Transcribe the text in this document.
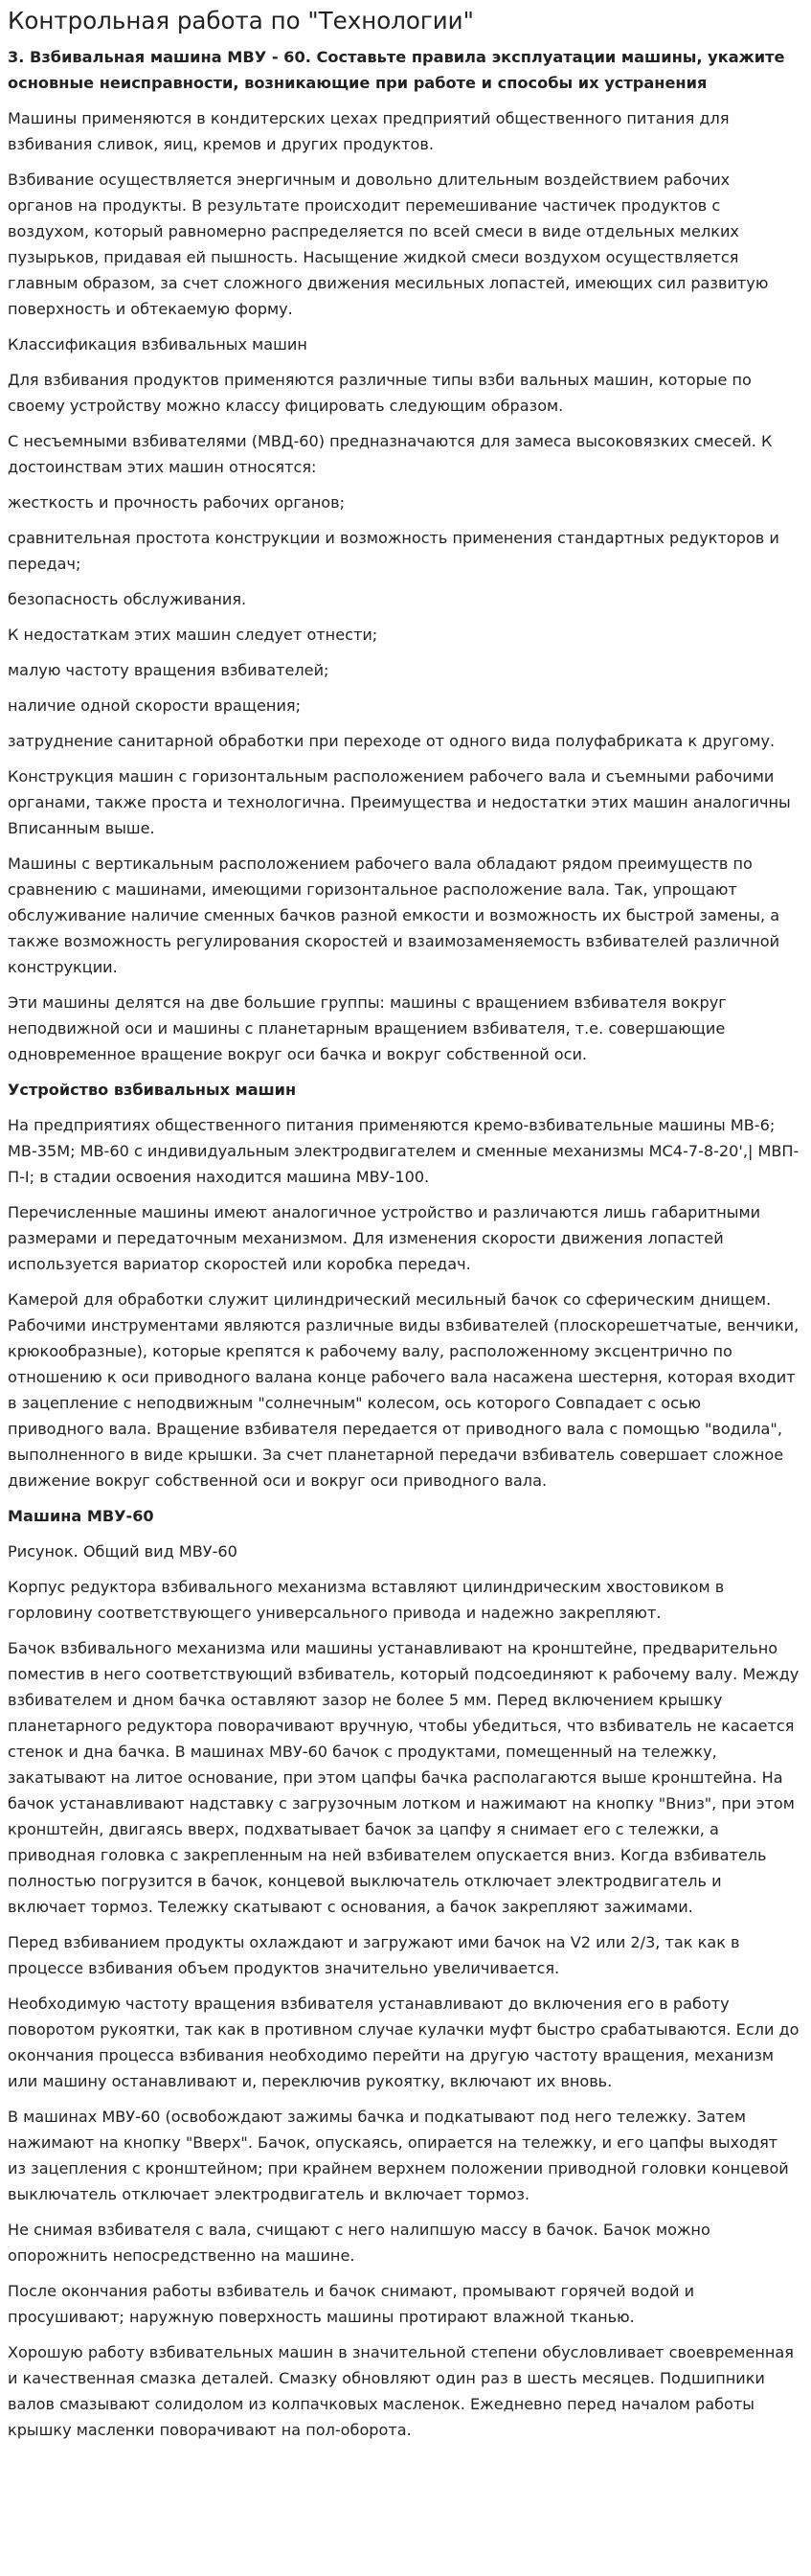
Контрольная работа по "Технологии"
3. Взбивальная машина МВУ - 60. Составьте правила эксплуатации машины, укажите основные неисправности, возникающие при работе и способы их устранения

Машины применяются в кондитерских цехах предприятий общественного питания для взбивания сливок, яиц, кремов и других продуктов.

Взбивание осуществляется энергичным и довольно длительным воздействием рабочих органов на продукты. В результате происходит перемешивание частичек продуктов с воздухом, который равномерно распределяется по всей смеси в виде отдельных мелких пузырьков, придавая ей пышность. Насыщение жидкой смеси воздухом осуществляется главным образом, за счет сложного движения месильных лопастей, имеющих сил развитую поверхность и обтекаемую форму.

Классификация взбивальных машин

Для взбивания продуктов применяются различные типы взби вальных машин, которые по своему устройству можно классу фицировать следующим образом.

С несъемными взбивателями (МВД-60) предназначаются для замеса высоковязких смесей. К достоинствам этих машин относятся:

жесткость и прочность рабочих органов;

сравнительная простота конструкции и возможность применения стандартных редукторов и передач;

безопасность обслуживания.

К недостаткам этих машин следует отнести;

малую частоту вращения взбивателей;

наличие одной скорости вращения;

затруднение санитарной обработки при переходе от одного вида полуфабриката к другому.

Конструкция машин с горизонтальным расположением рабочего вала и съемными рабочими органами, также проста и технологична. Преимущества и недостатки этих машин аналогичны Вписанным выше.

Машины с вертикальным расположением рабочего вала обладают рядом преимуществ по сравнению с машинами, имеющими горизонтальное расположение вала. Так, упрощают обслуживание наличие сменных бачков разной емкости и возможность их быстрой замены, а также возможность регулирования скоростей и взаимозаменяемость взбивателей различной конструкции.

Эти машины делятся на две большие группы: машины с вращением взбивателя вокруг неподвижной оси и машины с планетарным вращением взбивателя, т.е. совершающие одновременное вращение вокруг оси бачка и вокруг собственной оси.

Устройство взбивальных машин

На предприятиях общественного питания применяются кремо-взбивательные машины МВ-6; МВ-35М; МВ-60 с индивидуальным электродвигателем и сменные механизмы МС4-7-8-20',| МВП-П-І; в стадии освоения находится машина МВУ-100.

Перечисленные машины имеют аналогичное устройство и различаются лишь габаритными размерами и передаточным механизмом. Для изменения скорости движения лопастей используется вариатор скоростей или коробка передач.

Камерой для обработки служит цилиндрический месильный бачок со сферическим днищем. Рабочими инструментами являются различные виды взбивателей (плоскорешетчатые, венчики, крюкообразные), которые крепятся к рабочему валу, расположенному эксцентрично по отношению к оси приводного валана конце рабочего вала насажена шестерня, которая входит в зацепление с неподвижным "солнечным" колесом, ось которого Совпадает с осью приводного вала. Вращение взбивателя передается от приводного вала с помощью "водила", выполненного в виде крышки. За счет планетарной передачи взбиватель совершает сложное движение вокруг собственной оси и вокруг оси приводного вала.

Машина МВУ-60

Рисунок. Общий вид МВУ-60

Корпус редуктора взбивального механизма вставляют цилиндрическим хвостовиком в горловину соответствующего универсального привода и надежно закрепляют.

Бачок взбивального механизма или машины устанавливают на кронштейне, предварительно поместив в него соответствующий взбиватель, который подсоединяют к рабочему валу. Между взбивателем и дном бачка оставляют зазор не более 5 мм. Перед включением крышку планетарного редуктора поворачивают вручную, чтобы убедиться, что взбиватель не касается стенок и дна бачка. В машинах МВУ-60 бачок с продуктами, помещенный на тележку, закатывают на литое основание, при этом цапфы бачка располагаются выше кронштейна. На бачок устанавливают надставку с загрузочным лотком и нажимают на кнопку "Вниз", при этом кронштейн, двигаясь вверх, подхватывает бачок за цапфу я снимает его с тележки, а приводная головка с закрепленным на ней взбивателем опускается вниз. Когда взбиватель полностью погрузится в бачок, концевой выключатель отключает электродвигатель и включает тормоз. Тележку скатывают с основания, а бачок закрепляют зажимами.

Перед взбиванием продукты охлаждают и загружают ими бачок на V2 или 2/3, так как в процессе взбивания объем продуктов значительно увеличивается.

Необходимую частоту вращения взбивателя устанавливают до включения его в работу поворотом рукоятки, так как в противном случае кулачки муфт быстро срабатываются. Если до окончания процесса взбивания необходимо перейти на другую частоту вращения, механизм или машину останавливают и, переключив рукоятку, включают их вновь.

В машинах МВУ-60 (освобождают зажимы бачка и подкатывают под него тележку. Затем нажимают на кнопку "Вверх". Бачок, опускаясь, опирается на тележку, и его цапфы выходят из зацепления с кронштейном; при крайнем верхнем положении приводной головки концевой выключатель отключает электродвигатель и включает тормоз.

Не снимая взбивателя с вала, счищают с него налипшую массу в бачок. Бачок можно опорожнить непосредственно на машине.

После окончания работы взбиватель и бачок снимают, промывают горячей водой и просушивают; наружную поверхность машины протирают влажной тканью.

Хорошую работу взбивательных машин в значительной степени обусловливает своевременная и качественная смазка деталей. Смазку обновляют один раз в шесть месяцев. Подшипники валов смазывают солидолом из колпачковых масленок. Ежедневно перед началом работы крышку масленки поворачивают на пол-оборота.
